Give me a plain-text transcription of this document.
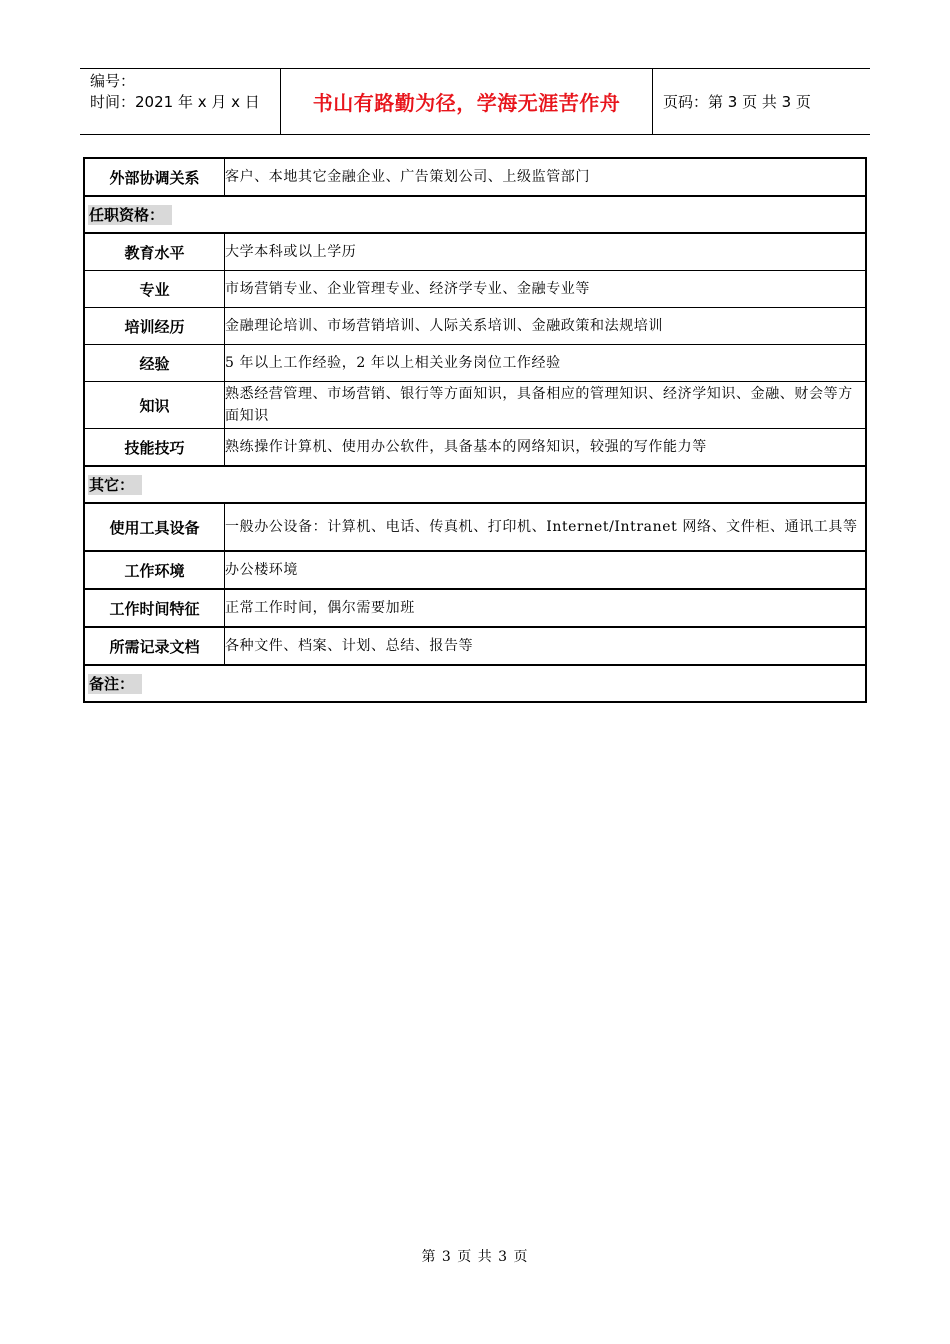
编号：
时间：2021 年 x 月 x 日	书山有路勤为径，学海无涯苦作舟	页码：第 3 页 共 3 页
外部协调关系	客户、本地其它金融企业、广告策划公司、上级监管部门
任职资格：	
教育水平	大学本科或以上学历
专业	市场营销专业、企业管理专业、经济学专业、金融专业等
培训经历	金融理论培训、市场营销培训、人际关系培训、金融政策和法规培训
经验	5 年以上工作经验，2 年以上相关业务岗位工作经验
知识	熟悉经营管理、市场营销、银行等方面知识，具备相应的管理知识、经济学知识、金融、财会等方面知识
技能技巧	熟练操作计算机、使用办公软件，具备基本的网络知识，较强的写作能力等
其它：	
使用工具设备	一般办公设备：计算机、电话、传真机、打印机、Internet/Intranet 网络、文件柜、通讯工具等
工作环境	办公楼环境
工作时间特征	正常工作时间，偶尔需要加班
所需记录文档	各种文件、档案、计划、总结、报告等
备注：	
第 3 页 共 3 页
